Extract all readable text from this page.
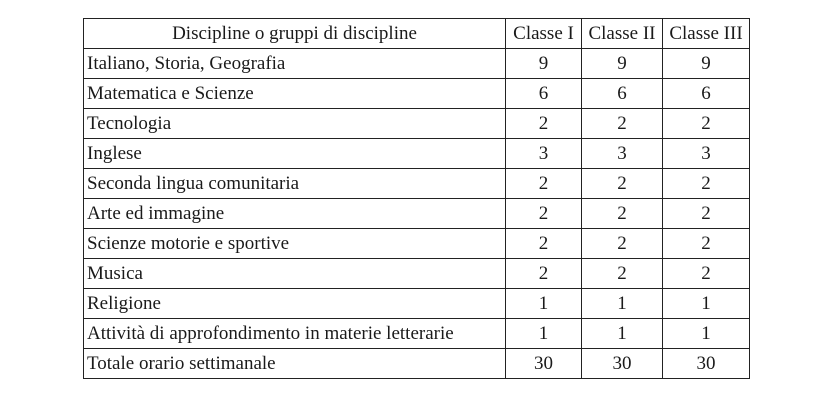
Discipline o gruppi di discipline	Classe I	Classe II	Classe III
Italiano, Storia, Geografia	9	9	9
Matematica e Scienze	6	6	6
Tecnologia	2	2	2
Inglese	3	3	3
Seconda lingua comunitaria	2	2	2
Arte ed immagine	2	2	2
Scienze motorie e sportive	2	2	2
Musica	2	2	2
Religione	1	1	1
Attività di approfondimento in materie letterarie	1	1	1
Totale orario settimanale	30	30	30
